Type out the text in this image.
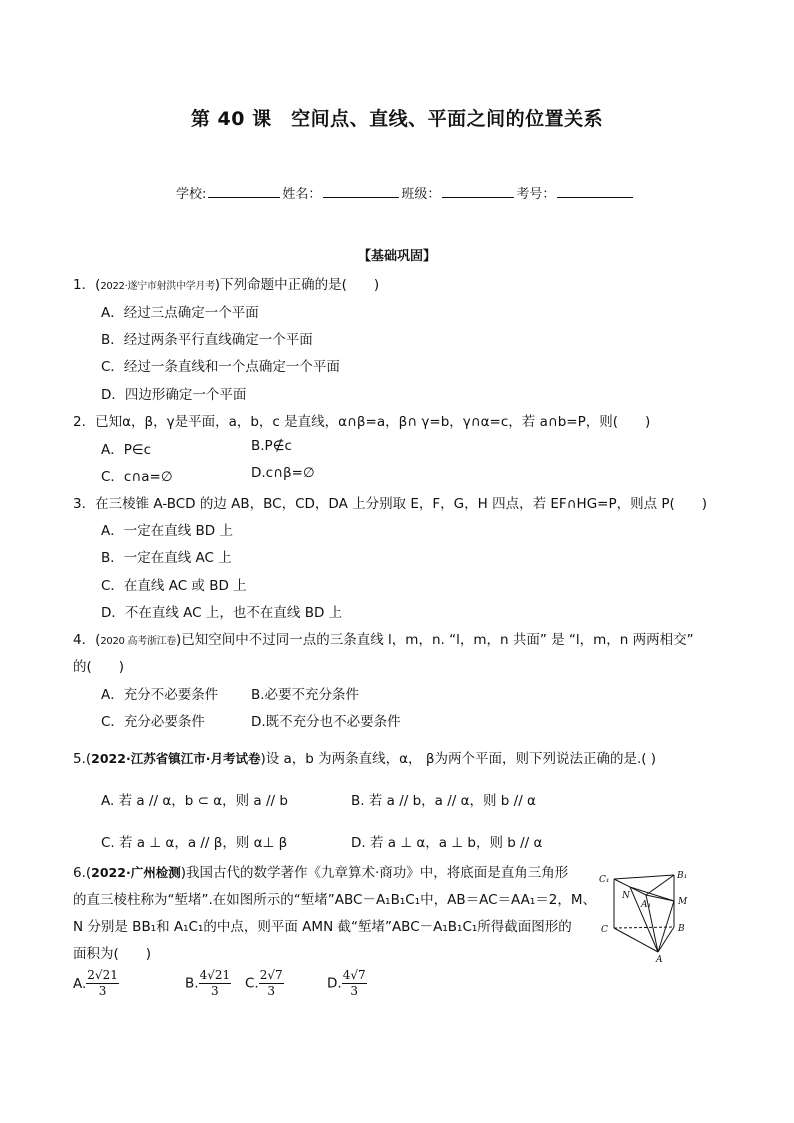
第 40 课　空间点、直线、平面之间的位置关系
学校:	姓名：	班级：	考号：
【基础巩固】
1．(2022·遂宁市射洪中学月考)下列命题中正确的是(　　)
A．经过三点确定一个平面
B．经过两条平行直线确定一个平面
C．经过一条直线和一个点确定一个平面
D．四边形确定一个平面
2．已知α，β，γ是平面，a，b，c 是直线，α∩β=a，β∩ γ=b，γ∩α=c，若 a∩b=P，则(　　)
A．P∈c	B.P∉c
C．c∩a=∅	D.c∩β=∅
3．在三棱锥 A-BCD 的边 AB，BC，CD，DA 上分别取 E，F，G，H 四点，若 EF∩HG=P，则点 P(　　)
A．一定在直线 BD 上
B．一定在直线 AC 上
C．在直线 AC 或 BD 上
D．不在直线 AC 上，也不在直线 BD 上
4．(2020 高考浙江卷)已知空间中不过同一点的三条直线 l，m，n. “l，m，n 共面” 是 “l，m，n 两两相交”
的(　　)
A．充分不必要条件 B.必要不充分条件
C．充分必要条件	D.既不充分也不必要条件
5.(2022·江苏省镇江市·月考试卷)设 a，b 为两条直线，α， β为两个平面，则下列说法正确的是.( )
A. 若 a // α，b ⊂ α，则 a // b	B. 若 a // b，a // α，则 b // α
C. 若 a ⊥ α，a // β，则 α⊥ β	D. 若 a ⊥ α，a ⊥ b，则 b // α
6.(2022·广州检测)我国古代的数学著作《九章算术·商功》中，将底面是直角三角形
的直三棱柱称为“堑堵”.在如图所示的“堑堵”ABC－A₁B₁C₁中，AB＝AC＝AA₁＝2，M、
N 分别是 BB₁和 A₁C₁的中点，则平面 AMN 截“堑堵”ABC－A₁B₁C₁所得截面图形的
面积为(　　)
A. $\frac{2√21}{3}$	B. $\frac{4√21}{3} C$. $\frac{2√7}{3}$	D. $\frac{4√7}{3}$
C₁	B₁
N
A₁	M
C	B
A
